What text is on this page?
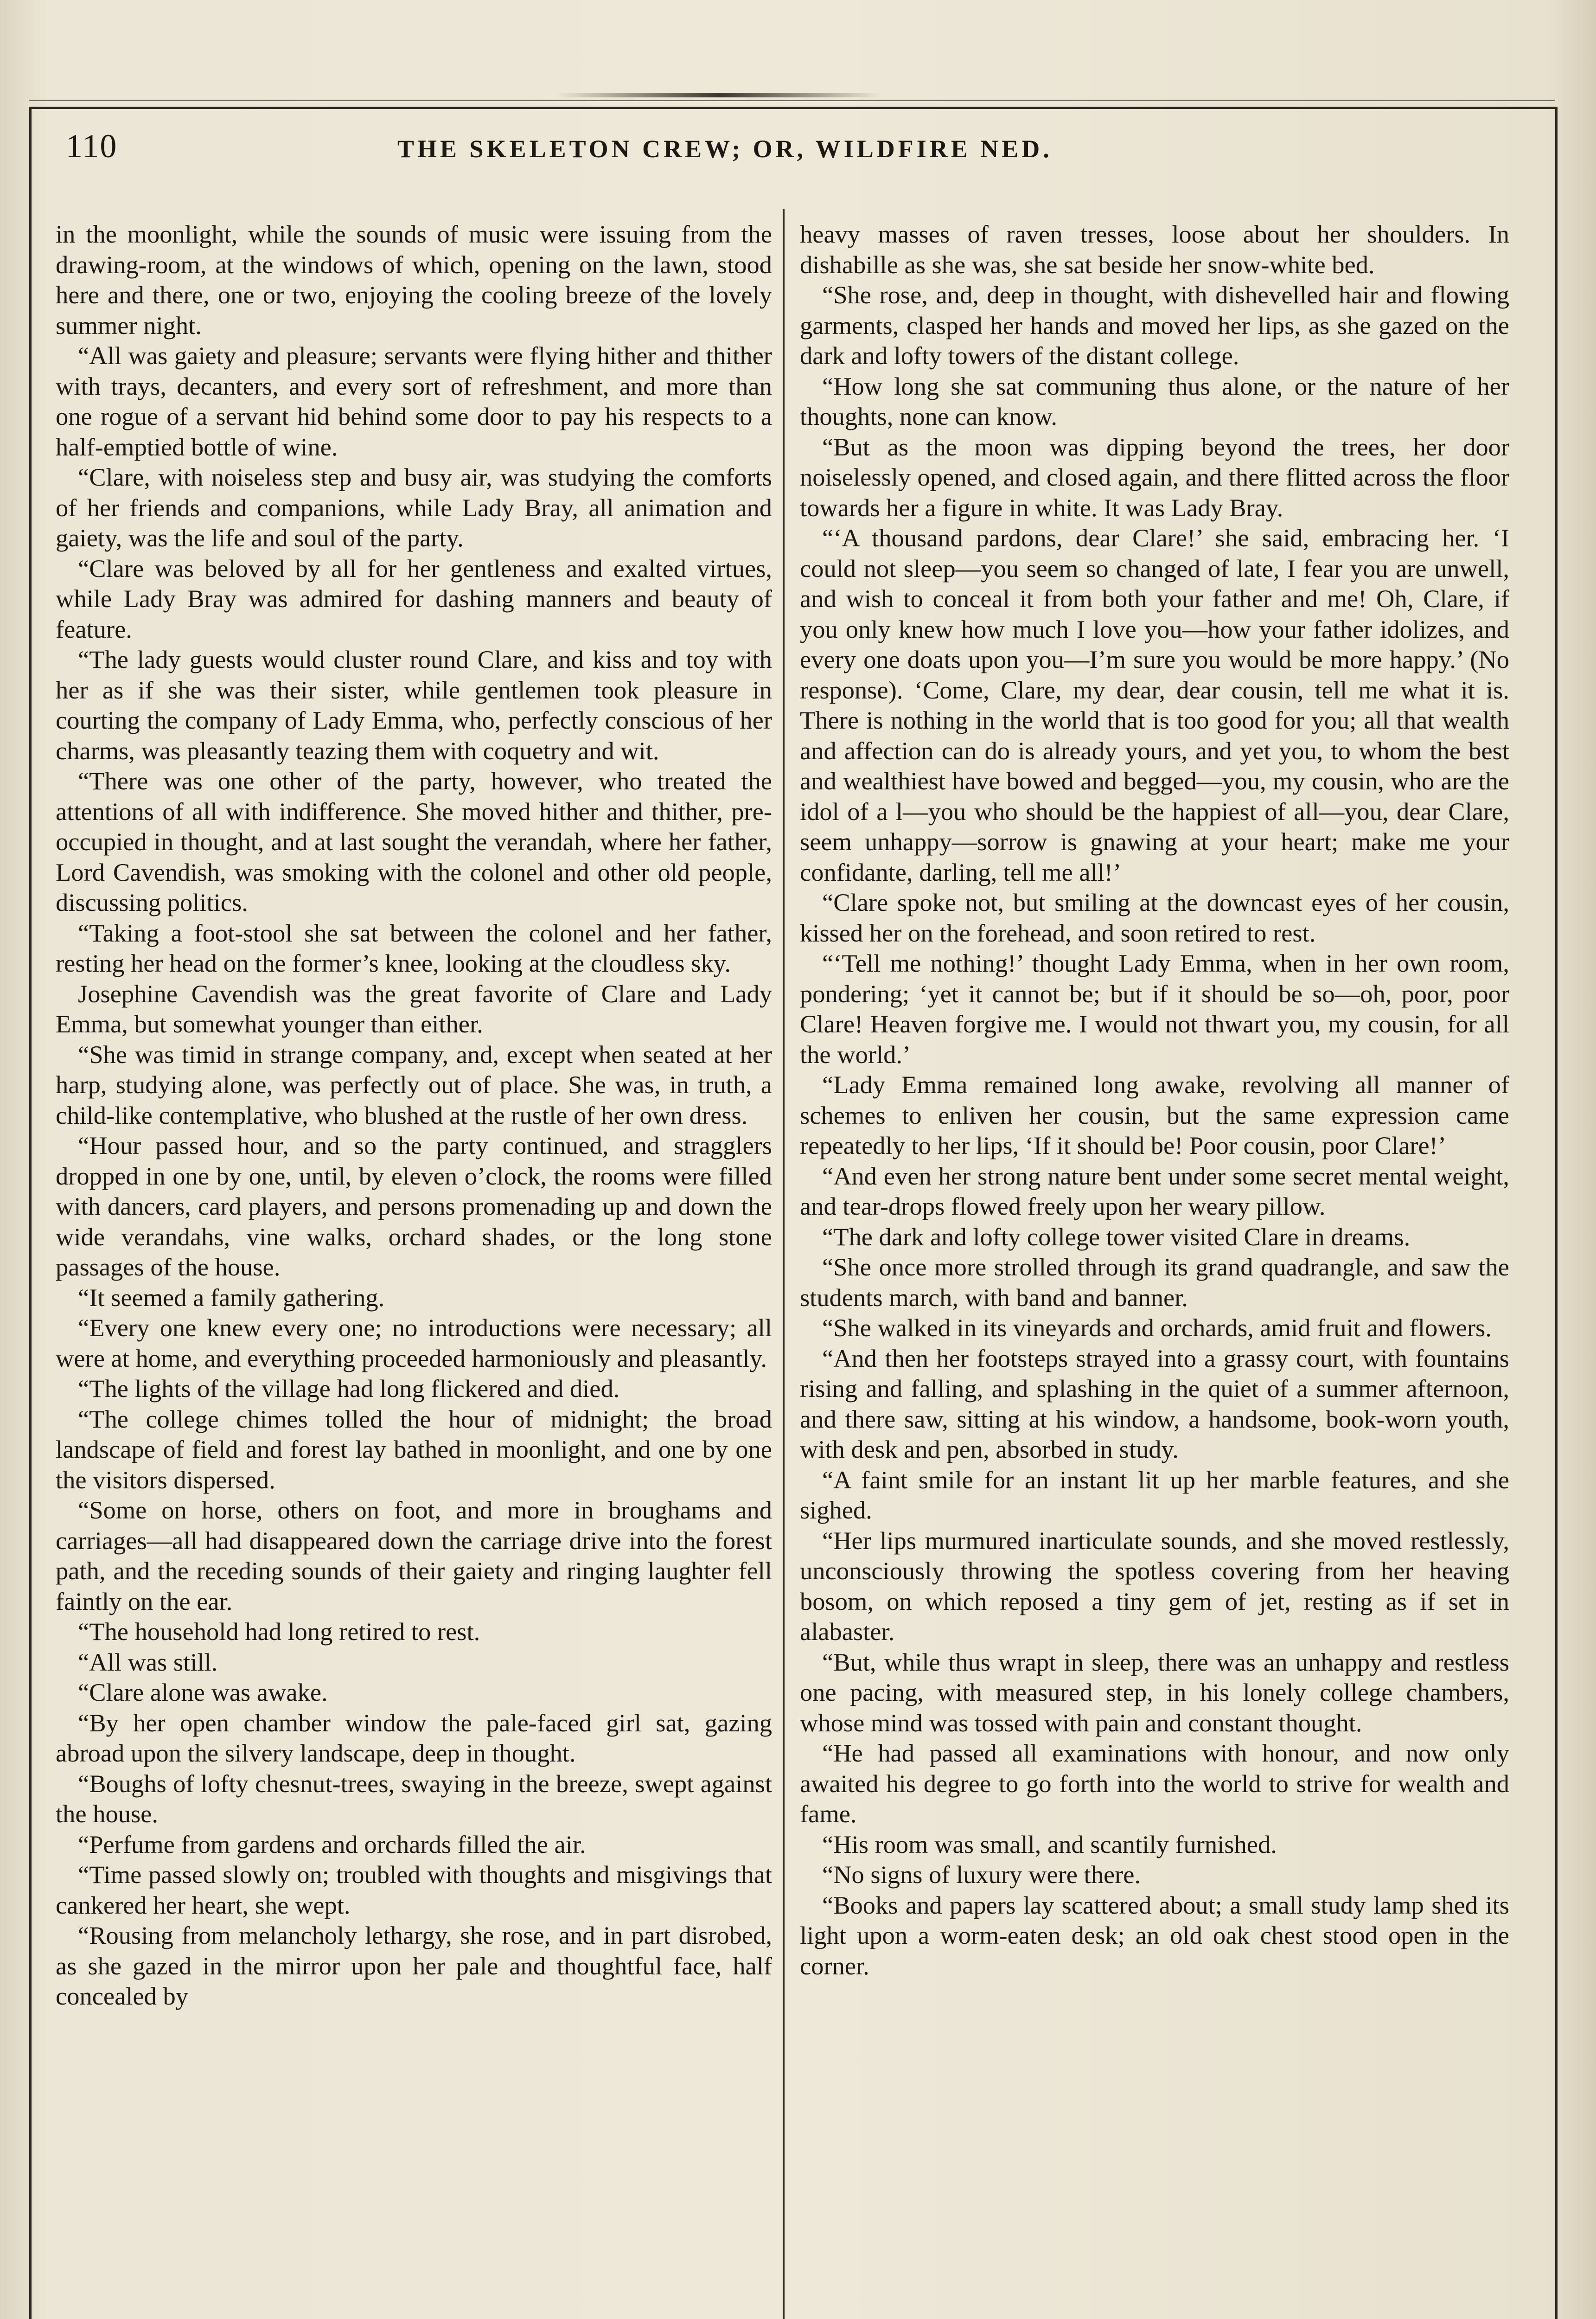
110	THE SKELETON CREW; OR, WILDFIRE NED.

in the moonlight, while the sounds of music were issuing from the drawing-room, at the windows of which, opening on the lawn, stood here and there, one or two, enjoying the cooling breeze of the lovely summer night.

“All was gaiety and pleasure; servants were flying hither and thither with trays, decanters, and every sort of refreshment, and more than one rogue of a servant hid behind some door to pay his respects to a half-emptied bottle of wine.

“Clare, with noiseless step and busy air, was studying the comforts of her friends and companions, while Lady Bray, all animation and gaiety, was the life and soul of the party.

“Clare was beloved by all for her gentleness and exalted virtues, while Lady Bray was admired for dashing manners and beauty of feature.

“The lady guests would cluster round Clare, and kiss and toy with her as if she was their sister, while gentlemen took pleasure in courting the company of Lady Emma, who, perfectly conscious of her charms, was pleasantly teazing them with coquetry and wit.

“There was one other of the party, however, who treated the attentions of all with indifference. She moved hither and thither, pre-occupied in thought, and at last sought the verandah, where her father, Lord Cavendish, was smoking with the colonel and other old people, discussing politics.

“Taking a foot-stool she sat between the colonel and her father, resting her head on the former’s knee, looking at the cloudless sky.

Josephine Cavendish was the great favorite of Clare and Lady Emma, but somewhat younger than either.

“She was timid in strange company, and, except when seated at her harp, studying alone, was perfectly out of place. She was, in truth, a child-like contemplative, who blushed at the rustle of her own dress.

“Hour passed hour, and so the party continued, and stragglers dropped in one by one, until, by eleven o’clock, the rooms were filled with dancers, card players, and persons promenading up and down the wide verandahs, vine walks, orchard shades, or the long stone passages of the house.

“It seemed a family gathering.

“Every one knew every one; no introductions were necessary; all were at home, and everything proceeded harmoniously and pleasantly.

“The lights of the village had long flickered and died.

“The college chimes tolled the hour of midnight; the broad landscape of field and forest lay bathed in moonlight, and one by one the visitors dispersed.

“Some on horse, others on foot, and more in broughams and carriages—all had disappeared down the carriage drive into the forest path, and the receding sounds of their gaiety and ringing laughter fell faintly on the ear.

“The household had long retired to rest.

“All was still.

“Clare alone was awake.

“By her open chamber window the pale-faced girl sat, gazing abroad upon the silvery landscape, deep in thought.

“Boughs of lofty chesnut-trees, swaying in the breeze, swept against the house.

“Perfume from gardens and orchards filled the air.

“Time passed slowly on; troubled with thoughts and misgivings that cankered her heart, she wept.

“Rousing from melancholy lethargy, she rose, and in part disrobed, as she gazed in the mirror upon her pale and thoughtful face, half concealed by

heavy masses of raven tresses, loose about her shoulders. In dishabille as she was, she sat beside her snow-white bed.

“She rose, and, deep in thought, with dishevelled hair and flowing garments, clasped her hands and moved her lips, as she gazed on the dark and lofty towers of the distant college.

“How long she sat communing thus alone, or the nature of her thoughts, none can know.

“But as the moon was dipping beyond the trees, her door noiselessly opened, and closed again, and there flitted across the floor towards her a figure in white. It was Lady Bray.

“‘A thousand pardons, dear Clare!’ she said, embracing her. ‘I could not sleep—you seem so changed of late, I fear you are unwell, and wish to conceal it from both your father and me! Oh, Clare, if you only knew how much I love you—how your father idolizes, and every one doats upon you—I’m sure you would be more happy.’ (No response). ‘Come, Clare, my dear, dear cousin, tell me what it is. There is nothing in the world that is too good for you; all that wealth and affection can do is already yours, and yet you, to whom the best and wealthiest have bowed and begged—you, my cousin, who are the idol of a l—you who should be the happiest of all—you, dear Clare, seem unhappy—sorrow is gnawing at your heart; make me your confidante, darling, tell me all!’

“Clare spoke not, but smiling at the downcast eyes of her cousin, kissed her on the forehead, and soon retired to rest.

“‘Tell me nothing!’ thought Lady Emma, when in her own room, pondering; ‘yet it cannot be; but if it should be so—oh, poor, poor Clare! Heaven forgive me. I would not thwart you, my cousin, for all the world.’

“Lady Emma remained long awake, revolving all manner of schemes to enliven her cousin, but the same expression came repeatedly to her lips, ‘If it should be! Poor cousin, poor Clare!’

“And even her strong nature bent under some secret mental weight, and tear-drops flowed freely upon her weary pillow.

“The dark and lofty college tower visited Clare in dreams.

“She once more strolled through its grand quadrangle, and saw the students march, with band and banner.

“She walked in its vineyards and orchards, amid fruit and flowers.

“And then her footsteps strayed into a grassy court, with fountains rising and falling, and splashing in the quiet of a summer afternoon, and there saw, sitting at his window, a handsome, book-worn youth, with desk and pen, absorbed in study.

“A faint smile for an instant lit up her marble features, and she sighed.

“Her lips murmured inarticulate sounds, and she moved restlessly, unconsciously throwing the spotless covering from her heaving bosom, on which reposed a tiny gem of jet, resting as if set in alabaster.

“But, while thus wrapt in sleep, there was an unhappy and restless one pacing, with measured step, in his lonely college chambers, whose mind was tossed with pain and constant thought.

“He had passed all examinations with honour, and now only awaited his degree to go forth into the world to strive for wealth and fame.

“His room was small, and scantily furnished.

“No signs of luxury were there.

“Books and papers lay scattered about; a small study lamp shed its light upon a worm-eaten desk; an old oak chest stood open in the corner.
